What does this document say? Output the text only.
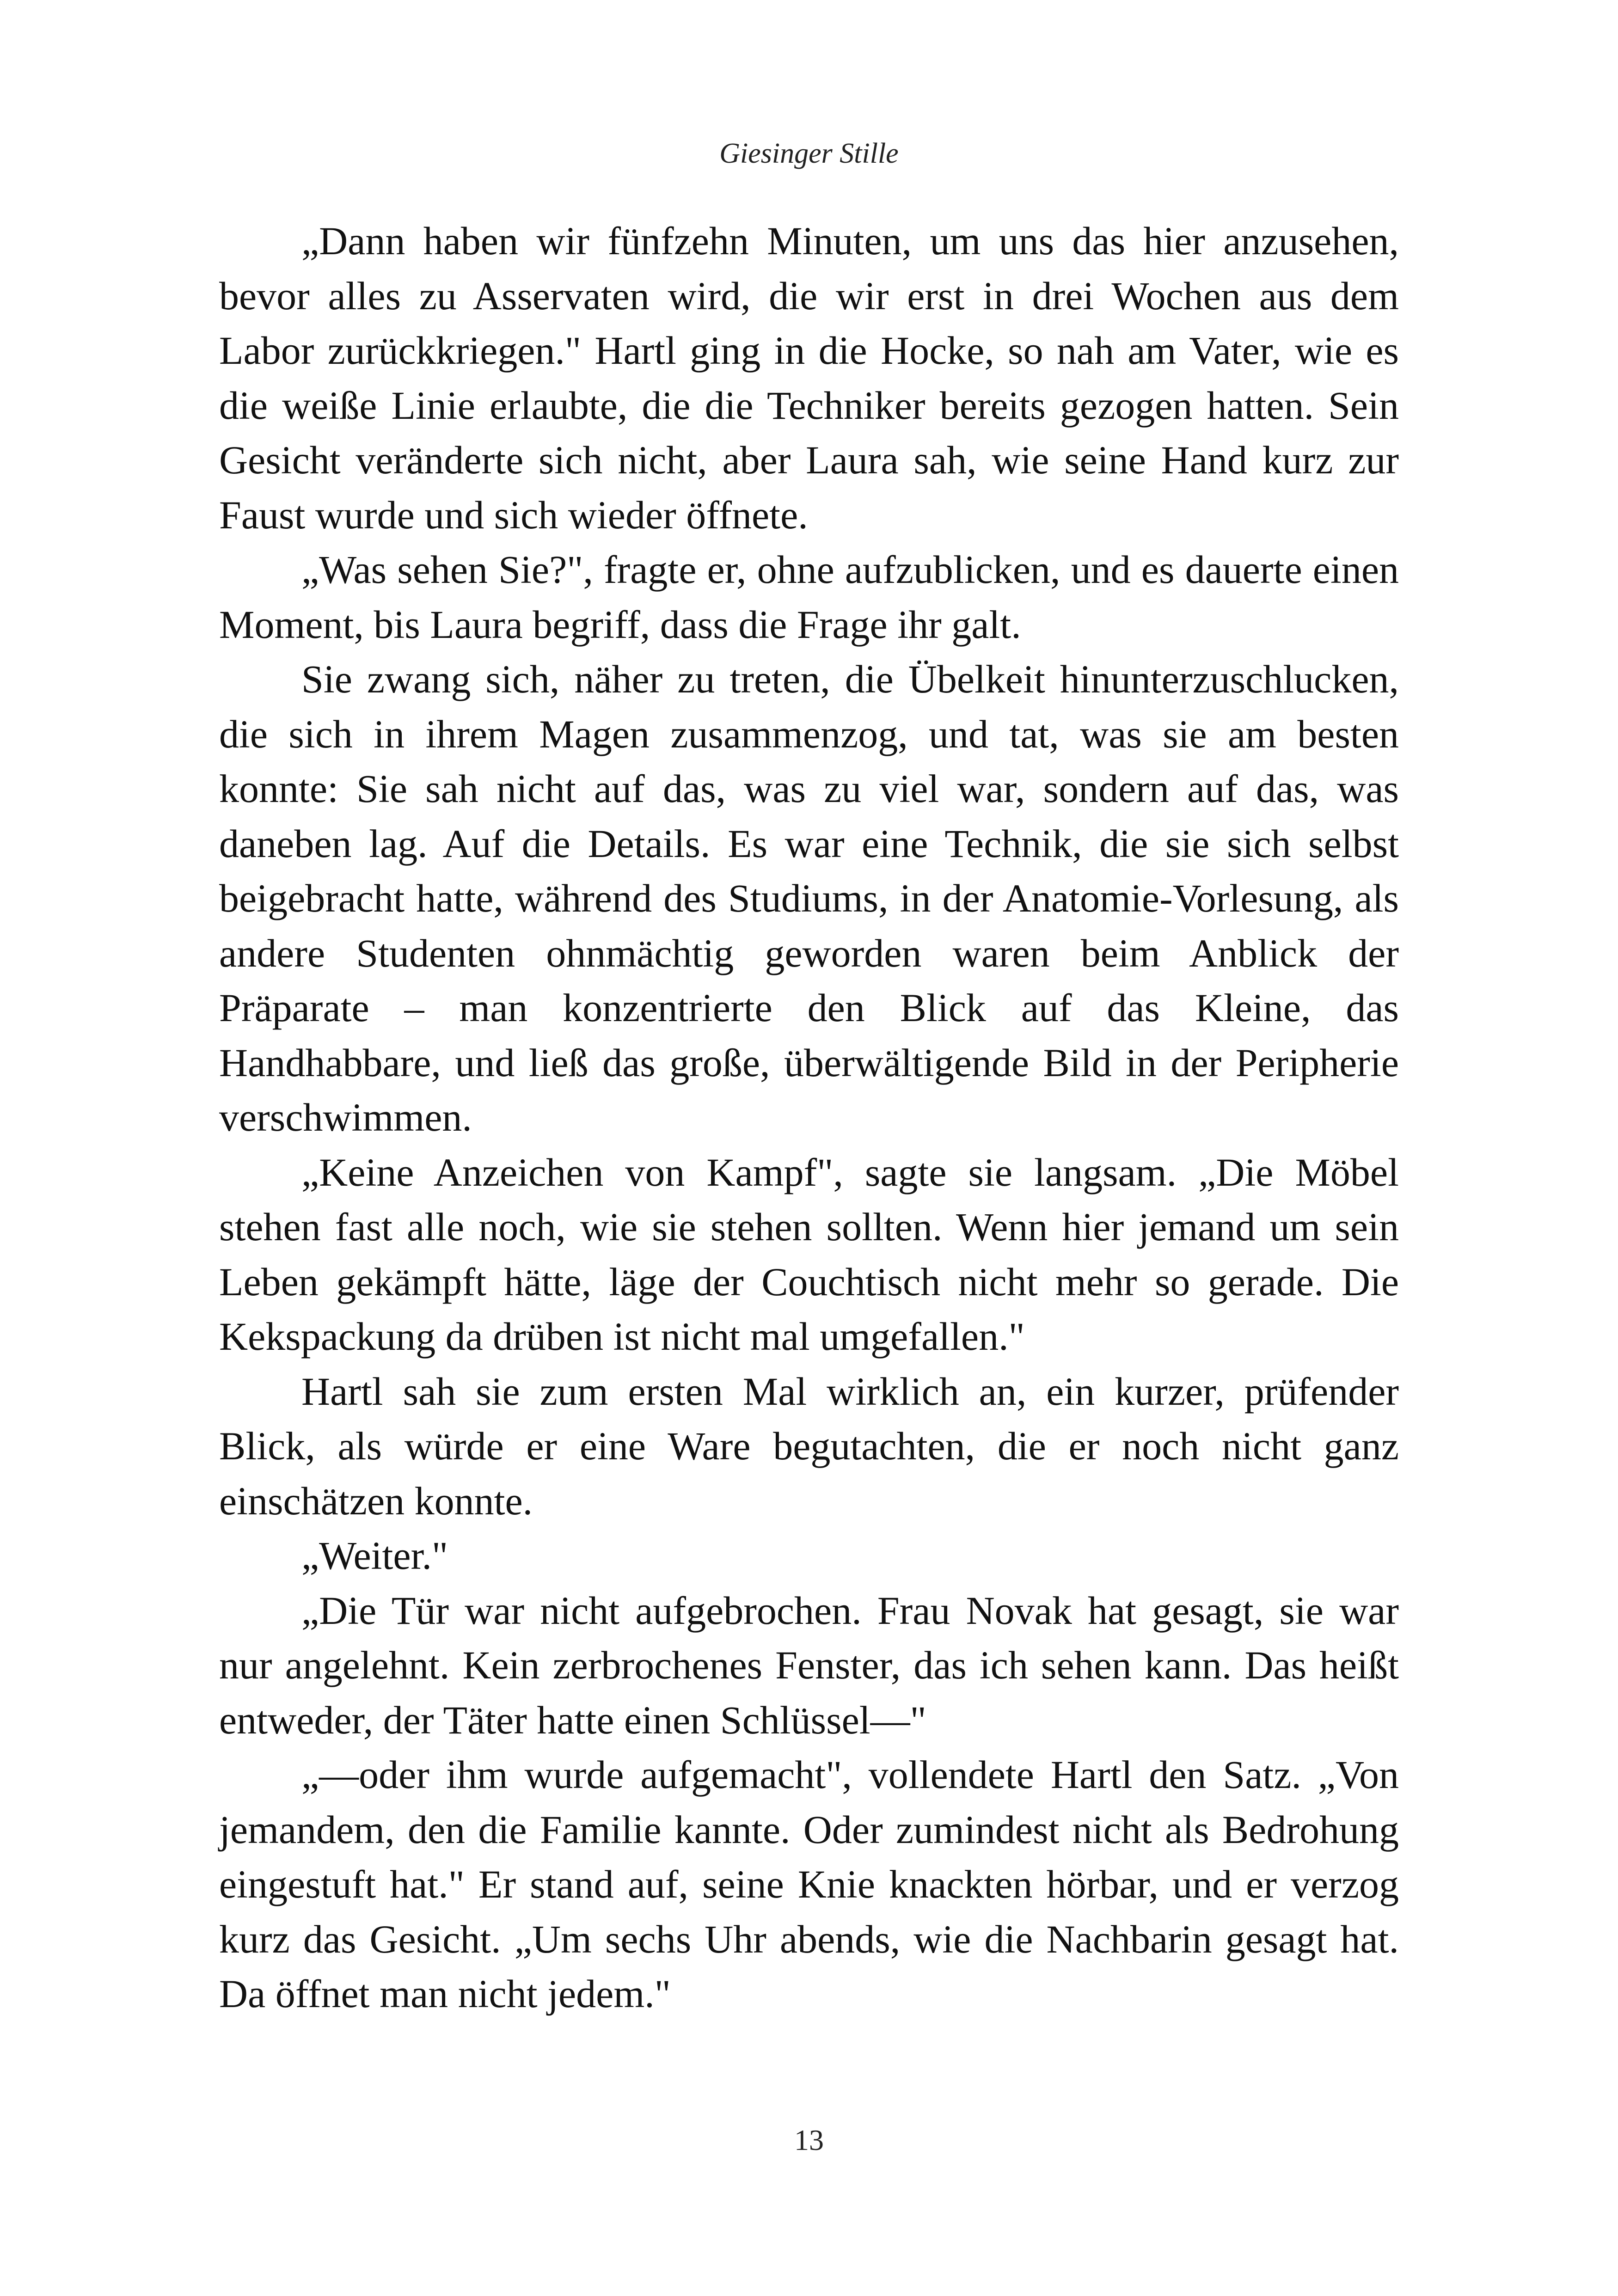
Giesinger Stille

„Dann haben wir fünfzehn Minuten, um uns das hier anzusehen, bevor alles zu Asservaten wird, die wir erst in drei Wochen aus dem Labor zurückkriegen." Hartl ging in die Hocke, so nah am Vater, wie es die weiße Linie erlaubte, die die Techniker bereits gezogen hatten. Sein Gesicht veränderte sich nicht, aber Laura sah, wie seine Hand kurz zur Faust wurde und sich wieder öffnete.

„Was sehen Sie?", fragte er, ohne aufzublicken, und es dauerte einen Moment, bis Laura begriff, dass die Frage ihr galt.

Sie zwang sich, näher zu treten, die Übelkeit hinunterzuschlucken, die sich in ihrem Magen zusammenzog, und tat, was sie am besten konnte: Sie sah nicht auf das, was zu viel war, sondern auf das, was daneben lag. Auf die Details. Es war eine Technik, die sie sich selbst beigebracht hatte, während des Studiums, in der Anatomie-Vorlesung, als andere Studenten ohnmächtig geworden waren beim Anblick der Präparate – man konzentrierte den Blick auf das Kleine, das Handhabbare, und ließ das große, überwältigende Bild in der Peripherie verschwimmen.

„Keine Anzeichen von Kampf", sagte sie langsam. „Die Möbel stehen fast alle noch, wie sie stehen sollten. Wenn hier jemand um sein Leben gekämpft hätte, läge der Couchtisch nicht mehr so gerade. Die Kekspackung da drüben ist nicht mal umgefallen."

Hartl sah sie zum ersten Mal wirklich an, ein kurzer, prüfender Blick, als würde er eine Ware begutachten, die er noch nicht ganz einschätzen konnte.

„Weiter."

„Die Tür war nicht aufgebrochen. Frau Novak hat gesagt, sie war nur angelehnt. Kein zerbrochenes Fenster, das ich sehen kann. Das heißt entweder, der Täter hatte einen Schlüssel—"

„—oder ihm wurde aufgemacht", vollendete Hartl den Satz. „Von jemandem, den die Familie kannte. Oder zumindest nicht als Bedrohung eingestuft hat." Er stand auf, seine Knie knackten hörbar, und er verzog kurz das Gesicht. „Um sechs Uhr abends, wie die Nachbarin gesagt hat. Da öffnet man nicht jedem."

13
